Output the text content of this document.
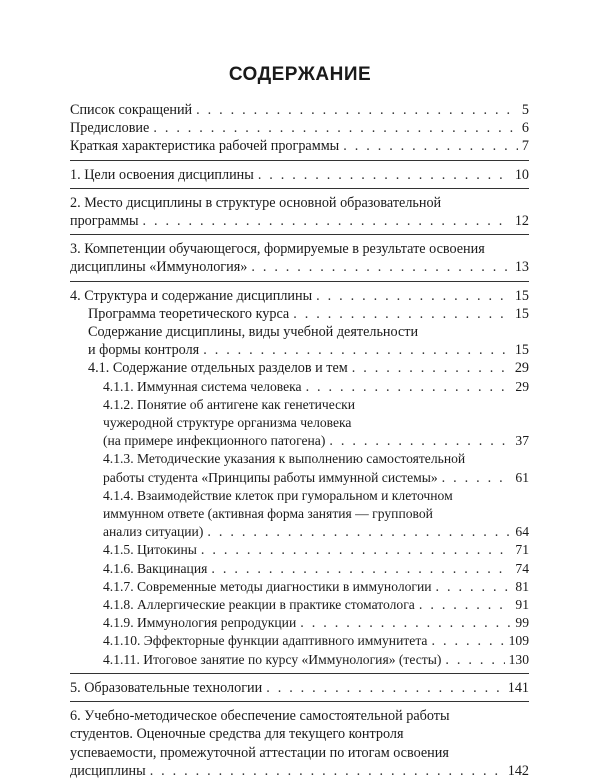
СОДЕРЖАНИЕ
Список сокращений . . .	5
Предисловие . . .	6
Краткая характеристика рабочей программы . . .	7
1. Цели освоения дисциплины . . .	10
2. Место дисциплины в структуре основной образовательной
программы . . .	12
3. Компетенции обучающегося, формируемые в результате освоения
дисциплины «Иммунология» . . .	13
4. Структура и содержание дисциплины . . .	15
Программа теоретического курса . . .	15
Содержание дисциплины, виды учебной деятельности
и формы контроля . . .	15
4.1. Содержание отдельных разделов и тем . . .	29
4.1.1. Иммунная система человека . . .	29
4.1.2. Понятие об антигене как генетически
чужеродной структуре организма человека
(на примере инфекционного патогена) . . .	37
4.1.3. Методические указания к выполнению самостоятельной
работы студента «Принципы работы иммунной системы» . . .	61
4.1.4. Взаимодействие клеток при гуморальном и клеточном
иммунном ответе (активная форма занятия — групповой
анализ ситуации) . . .	64
4.1.5. Цитокины . . .	71
4.1.6. Вакцинация . . .	74
4.1.7. Современные методы диагностики в иммунологии . . .	81
4.1.8. Аллергические реакции в практике стоматолога . . .	91
4.1.9. Иммунология репродукции . . .	99
4.1.10. Эффекторные функции адаптивного иммунитета . . .	109
4.1.11. Итоговое занятие по курсу «Иммунология» (тесты) . . .	130
5. Образовательные технологии . . .	141
6. Учебно-методическое обеспечение самостоятельной работы
студентов. Оценочные средства для текущего контроля
успеваемости, промежуточной аттестации по итогам освоения
дисциплины . . .	142
